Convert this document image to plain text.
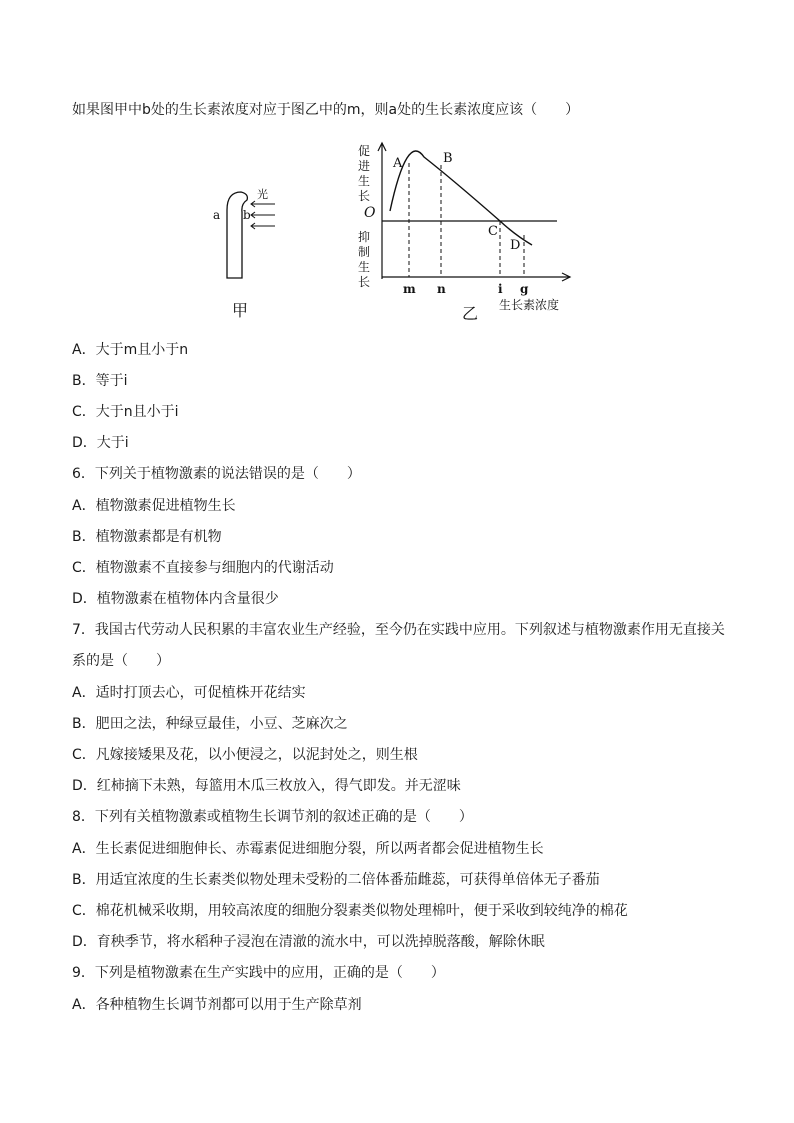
如果图甲中b处的生长素浓度对应于图乙中的m，则a处的生长素浓度应该（　　）
a b
光
甲
促
进
生
长
O
抑
制
生
长
A	B
C
D
m n	i g
生长素浓度
乙
A．大于m且小于n
B．等于i
C．大于n且小于i
D．大于i
6．下列关于植物激素的说法错误的是（　　）
A．植物激素促进植物生长
B．植物激素都是有机物
C．植物激素不直接参与细胞内的代谢活动
D．植物激素在植物体内含量很少
7．我国古代劳动人民积累的丰富农业生产经验，至今仍在实践中应用。下列叙述与植物激素作用无直接关
系的是（　　）
A．适时打顶去心，可促植株开花结实
B．肥田之法，种绿豆最佳，小豆、芝麻次之
C．凡嫁接矮果及花，以小便浸之，以泥封处之，则生根
D．红柿摘下未熟，每篮用木瓜三枚放入，得气即发。并无涩味
8．下列有关植物激素或植物生长调节剂的叙述正确的是（　　）
A．生长素促进细胞伸长、赤霉素促进细胞分裂，所以两者都会促进植物生长
B．用适宜浓度的生长素类似物处理未受粉的二倍体番茄雌蕊，可获得单倍体无子番茄
C．棉花机械采收期，用较高浓度的细胞分裂素类似物处理棉叶，便于采收到较纯净的棉花
D．育秧季节，将水稻种子浸泡在清澈的流水中，可以洗掉脱落酸，解除休眠
9．下列是植物激素在生产实践中的应用，正确的是（　　）
A．各种植物生长调节剂都可以用于生产除草剂
